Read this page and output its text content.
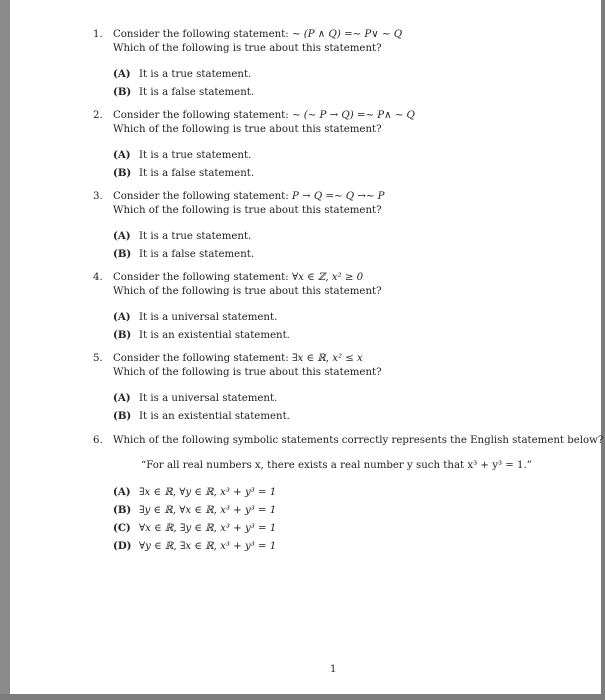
1. Consider the following statement: ∼ (P ∧ Q) =∼ P∨ ∼ Q
Which of the following is true about this statement?
(A) It is a true statement.
(B) It is a false statement.
2. Consider the following statement: ∼ (∼ P → Q) =∼ P∧ ∼ Q
Which of the following is true about this statement?
(A) It is a true statement.
(B) It is a false statement.
3. Consider the following statement: P → Q =∼ Q →∼ P
Which of the following is true about this statement?
(A) It is a true statement.
(B) It is a false statement.
4. Consider the following statement: ∀x ∈ ℤ, x² ≥ 0
Which of the following is true about this statement?
(A) It is a universal statement.
(B) It is an existential statement.
5. Consider the following statement: ∃x ∈ ℝ, x² ≤ x
Which of the following is true about this statement?
(A) It is a universal statement.
(B) It is an existential statement.
6. Which of the following symbolic statements correctly represents the English statement below?
“For all real numbers x, there exists a real number y such that x³ + y³ = 1.”
(A) ∃x ∈ ℝ, ∀y ∈ ℝ, x³ + y³ = 1
(B) ∃y ∈ ℝ, ∀x ∈ ℝ, x³ + y³ = 1
(C) ∀x ∈ ℝ, ∃y ∈ ℝ, x³ + y³ = 1
(D) ∀y ∈ ℝ, ∃x ∈ ℝ, x³ + y³ = 1
1
